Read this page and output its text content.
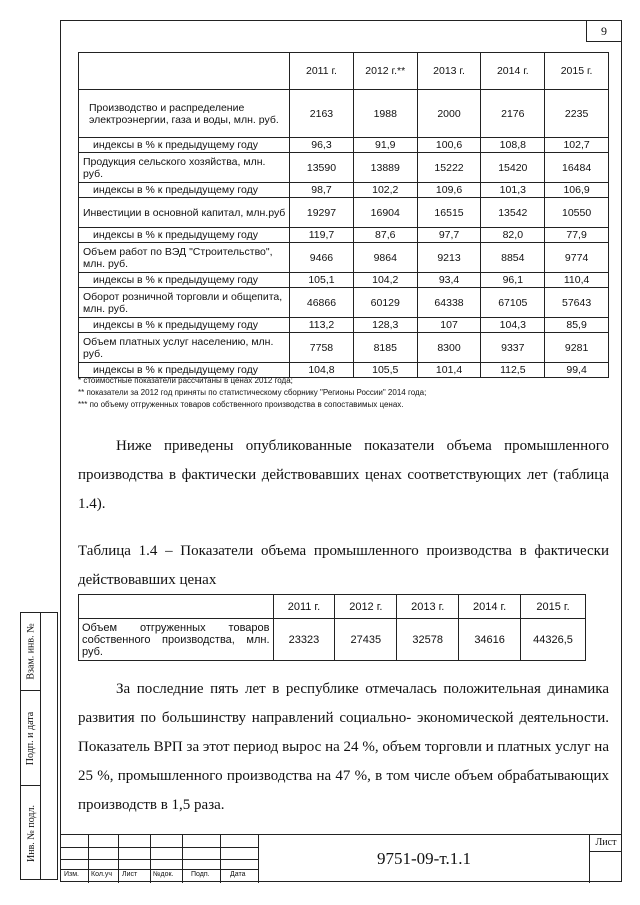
9
	2011 г.	2012 г.**	2013 г.	2014 г.	2015 г.
Производство и распределение электроэнергии, газа и воды, млн. руб.	2163	1988	2000	2176	2235
индексы в % к предыдущему году	96,3	91,9	100,6	108,8	102,7
Продукция сельского хозяйства, млн. руб.	13590	13889	15222	15420	16484
индексы в % к предыдущему году	98,7	102,2	109,6	101,3	106,9
Инвестиции в основной капитал, млн.руб	19297	16904	16515	13542	10550
индексы в % к предыдущему году	119,7	87,6	97,7	82,0	77,9
Объем работ по ВЭД "Строительство", млн. руб.	9466	9864	9213	8854	9774
индексы в % к предыдущему году	105,1	104,2	93,4	96,1	110,4
Оборот розничной торговли и общепита, млн. руб.	46866	60129	64338	67105	57643
индексы в % к предыдущему году	113,2	128,3	107	104,3	85,9
Объем платных услуг населению, млн. руб.	7758	8185	8300	9337	9281
индексы в % к предыдущему году	104,8	105,5	101,4	112,5	99,4
* стоимостные показатели рассчитаны в ценах 2012 года;
** показатели за 2012 год приняты по статистическому сборнику "Регионы России" 2014 года;
*** по объему отгруженных товаров собственного производства в сопоставимых ценах.
Ниже приведены опубликованные показатели объема промышленного производства в фактически действовавших ценах соответствующих лет (таблица 1.4).
Таблица 1.4 – Показатели объема промышленного производства в фактически действовавших ценах
	2011 г.	2012 г.	2013 г.	2014 г.	2015 г.
Объем отгруженных товаров собственного производства, млн. руб.	23323	27435	32578	34616	44326,5
За последние пять лет в республике отмечалась положительная динамика развития по большинству направлений социально- экономической деятельности. Показатель ВРП за этот период вырос на 24 %, объем торговли и платных услуг на 25 %, промышленного производства на 47 %, в том числе объем обрабатывающих производств в 1,5 раза.
Взам. инв. №
Подп. и дата
Инв. № подл.
Изм. Кол.уч Лист №док.	Подп.	Дата
9751-09-т.1.1
Лист
